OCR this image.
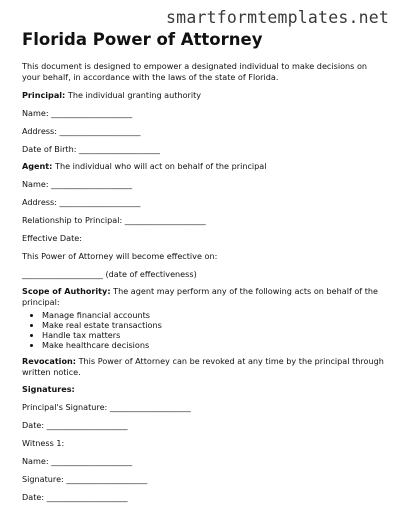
smartformtemplates.net
Florida Power of Attorney

This document is designed to empower a designated individual to make decisions on your behalf, in accordance with the laws of the state of Florida.

Principal: The individual granting authority

Name: ____________________

Address: ____________________

Date of Birth: ____________________

Agent: The individual who will act on behalf of the principal

Name: ____________________

Address: ____________________

Relationship to Principal: ____________________

Effective Date:

This Power of Attorney will become effective on:

____________________ (date of effectiveness)

Scope of Authority: The agent may perform any of the following acts on behalf of the principal:

• Manage financial accounts
• Make real estate transactions
• Handle tax matters
• Make healthcare decisions

Revocation: This Power of Attorney can be revoked at any time by the principal through written notice.

Signatures:

Principal's Signature: ____________________

Date: ____________________

Witness 1:

Name: ____________________

Signature: ____________________

Date: ____________________
